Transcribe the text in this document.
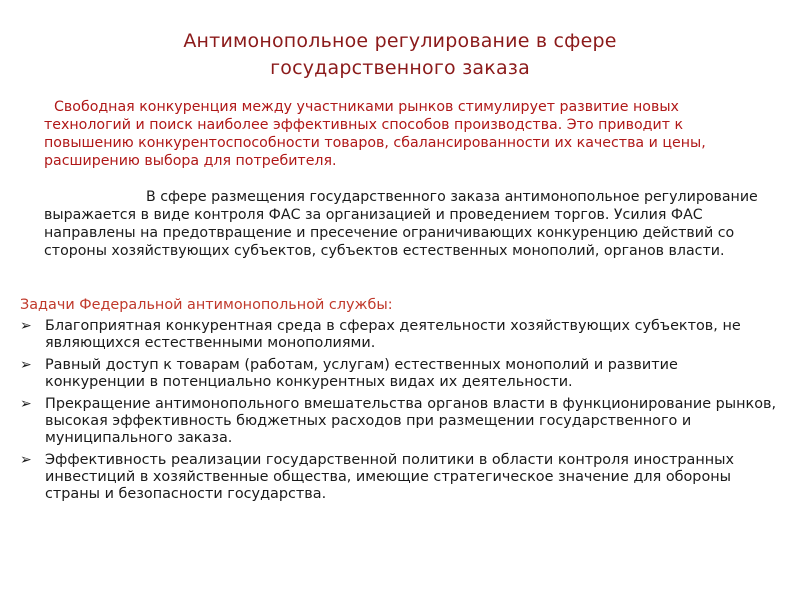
Антимонопольное регулирование в сфере
государственного заказа

Свободная конкуренция между участниками рынков стимулирует развитие новых технологий и поиск наиболее эффективных способов производства. Это приводит к повышению конкурентоспособности товаров, сбалансированности их качества и цены, расширению выбора для потребителя.

В сфере размещения государственного заказа антимонопольное регулирование выражается в виде контроля ФАС за организацией и проведением торгов. Усилия ФАС направлены на предотвращение и пресечение ограничивающих конкуренцию действий со стороны хозяйствующих субъектов, субъектов естественных монополий, органов власти.

Задачи Федеральной антимонопольной службы:

➢ Благоприятная конкурентная среда в сферах деятельности хозяйствующих субъектов, не являющихся естественными монополиями.
➢ Равный доступ к товарам (работам, услугам) естественных монополий и развитие конкуренции в потенциально конкурентных видах их деятельности.
➢ Прекращение антимонопольного вмешательства органов власти в функционирование рынков, высокая эффективность бюджетных расходов при размещении государственного и муниципального заказа.
➢ Эффективность реализации государственной политики в области контроля иностранных инвестиций в хозяйственные общества, имеющие стратегическое значение для обороны страны и безопасности государства.
